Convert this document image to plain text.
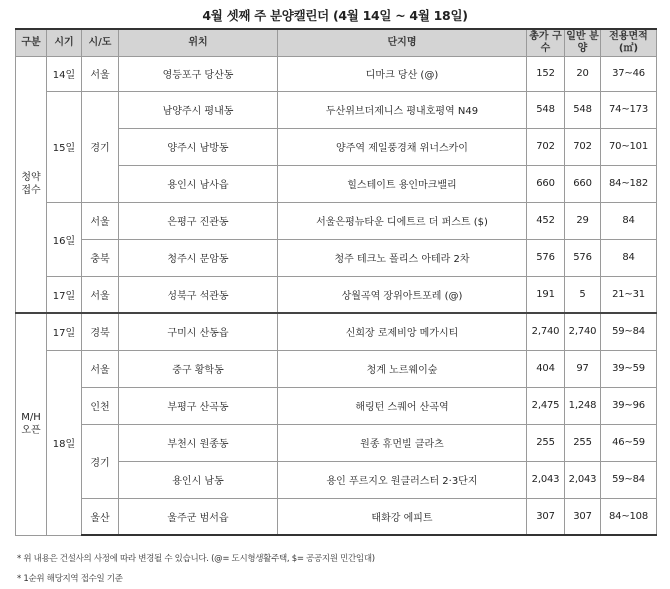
4월 셋째 주 분양캘린더 (4월 14일 ~ 4월 18일)
구분	시기	시/도	위치	단지명	총가 구수	일반 분양	전용면적 (㎡)
청약 접수	14일	서울	영등포구 당산동	디마크 당산 (@)	152	20	37~46
	15일	경기	남양주시 평내동	두산위브더제니스 평내호평역 N49	548	548	74~173
			양주시 남방동	양주역 제일풍경채 위너스카이	702	702	70~101
			용인시 남사읍	힐스테이트 용인마크밸리	660	660	84~182
	16일	서울	은평구 진관동	서울은평뉴타운 디에트르 더 퍼스트 ($)	452	29	84
		충북	청주시 문암동	청주 테크노 폴리스 아테라 2차	576	576	84
	17일	서울	성북구 석관동	상월곡역 장위아트포레 (@)	191	5	21~31
M/H 오픈	17일	경북	구미시 산동읍	신희장 로제비앙 메가시티	2,740	2,740	59~84
	18일	서울	중구 황학동	청계 노르웨이숲	404	97	39~59
		인천	부평구 산곡동	해링턴 스퀘어 산곡역	2,475	1,248	39~96
		경기	부천시 원종동	원종 휴먼빌 클라츠	255	255	46~59
			용인시 남동	용인 푸르지오 원클러스터 2·3단지	2,043	2,043	59~84
		울산	울주군 범서읍	태화강 에피트	307	307	84~108
* 위 내용은 건설사의 사정에 따라 변경될 수 있습니다. (@= 도시형생활주택, $= 공공지원 민간임대)
* 1순위 해당지역 접수일 기준
